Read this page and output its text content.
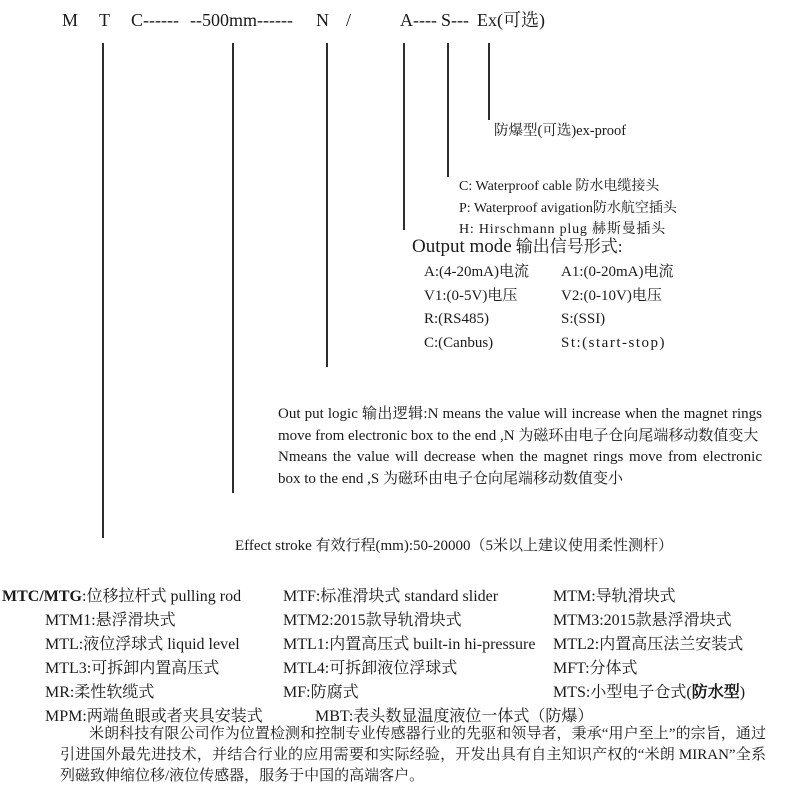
M T C------ --500mm------ N /	A---- S--- Ex(可选)
防爆型(可选)ex-proof
C: Waterproof cable 防水电缆接头
P: Waterproof avigation防水航空插头
H: Hirschmann plug 赫斯曼插头
Output mode 输出信号形式:
A:(4-20mA)电流	A1:(0-20mA)电流
V1:(0-5V)电压	V2:(0-10V)电压
R:(RS485)	S:(SSI)
C:(Canbus)	St:(start-stop)

Out put logic 输出逻辑:N means the value will increase when the magnet rings move from electronic box to the end ,N 为磁环由电子仓向尾端移动数值变大

Nmeans the value will decrease when the magnet rings move from electronic box to the end ,S 为磁环由电子仓向尾端移动数值变小

Effect stroke 有效行程(mm):50-20000（5米以上建议使用柔性测杆）
MTC/MTG:位移拉杆式 pulling rod	MTF:标准滑块式 standard slider	MTM:导轨滑块式
MTM1:悬浮滑块式	MTM2:2015款导轨滑块式	MTM3:2015款悬浮滑块式
MTL:液位浮球式 liquid level	MTL1:内置高压式 built-in hi-pressure MTL2:内置高压法兰安装式
MTL3:可拆卸内置高压式	MTL4:可拆卸液位浮球式	MFT:分体式
MR:柔性软缆式	MF:防腐式	MTS:小型电子仓式(防水型)
MPM:两端鱼眼或者夹具安装式	MBT:表头数显温度液位一体式（防爆）

米朗科技有限公司作为位置检测和控制专业传感器行业的先驱和领导者，秉承“用户至上”的宗旨，通过引进国外最先进技术，并结合行业的应用需要和实际经验，开发出具有自主知识产权的“米朗 MIRAN”全系列磁致伸缩位移/液位传感器，服务于中国的高端客户。
